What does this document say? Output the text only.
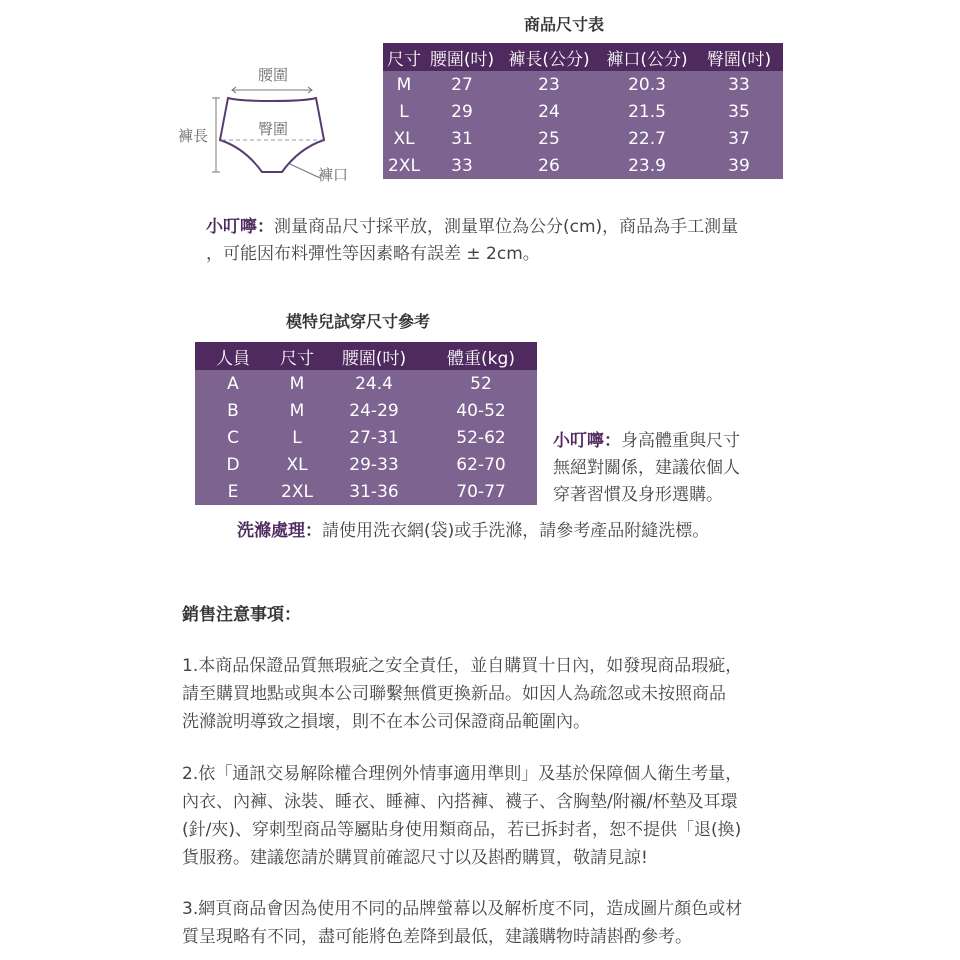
商品尺寸表
腰圍
褲長	臀圍
褲口
尺寸	腰圍(吋)	褲長(公分)	褲口(公分)	臀圍(吋)
M	27	23	20.3	33
L	29	24	21.5	35
XL	31	25	22.7	37
2XL	33	26	23.9	39
小叮嚀：測量商品尺寸採平放，測量單位為公分(cm)，商品為手工測量
，可能因布料彈性等因素略有誤差 ± 2cm。
模特兒試穿尺寸參考
人員	尺寸	腰圍(吋)	體重(kg)
A	M	24.4	52
B	M	24-29	40-52
C	L	27-31	52-62
D	XL	29-33	62-70
E	2XL	31-36	70-77
小叮嚀：身高體重與尺寸
無絕對關係，建議依個人
穿著習慣及身形選購。
洗滌處理：請使用洗衣網(袋)或手洗滌，請參考產品附縫洗標。
銷售注意事項：
1.本商品保證品質無瑕疵之安全責任，並自購買十日內，如發現商品瑕疵，
請至購買地點或與本公司聯繫無償更換新品。如因人為疏忽或未按照商品
洗滌說明導致之損壞，則不在本公司保證商品範圍內。
2.依「通訊交易解除權合理例外情事適用準則」及基於保障個人衛生考量，
內衣、內褲、泳裝、睡衣、睡褲、內搭褲、襪子、含胸墊/附襯/杯墊及耳環
(針/夾)、穿刺型商品等屬貼身使用類商品，若已拆封者，恕不提供「退(換)
貨服務。建議您請於購買前確認尺寸以及斟酌購買，敬請見諒!
3.網頁商品會因為使用不同的品牌螢幕以及解析度不同，造成圖片顏色或材
質呈現略有不同，盡可能將色差降到最低，建議購物時請斟酌參考。
